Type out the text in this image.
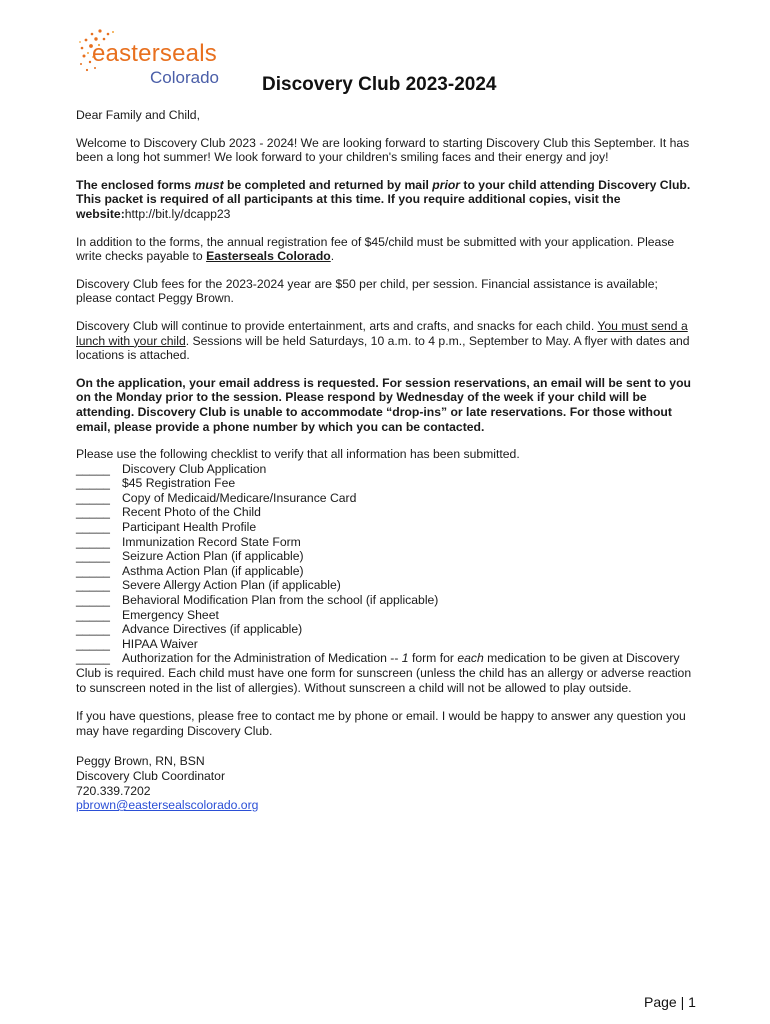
easterseals
Colorado Discovery Club 2023-2024

Dear Family and Child,

Welcome to Discovery Club 2023 - 2024! We are looking forward to starting Discovery Club this September. It has been a long hot summer! We look forward to your children's smiling faces and their energy and joy!

The enclosed forms must be completed and returned by mail prior to your child attending Discovery Club. This packet is required of all participants at this time. If you require additional copies, visit the website:http://bit.ly/dcapp23

In addition to the forms, the annual registration fee of $45/child must be submitted with your application. Please write checks payable to Easterseals Colorado.

Discovery Club fees for the 2023-2024 year are $50 per child, per session. Financial assistance is available; please contact Peggy Brown.

Discovery Club will continue to provide entertainment, arts and crafts, and snacks for each child. You must send a lunch with your child. Sessions will be held Saturdays, 10 a.m. to 4 p.m., September to May. A flyer with dates and locations is attached.

On the application, your email address is requested. For session reservations, an email will be sent to you on the Monday prior to the session. Please respond by Wednesday of the week if your child will be attending. Discovery Club is unable to accommodate “drop-ins” or late reservations. For those without email, please provide a phone number by which you can be contacted.

Please use the following checklist to verify that all information has been submitted.
_____ Discovery Club Application
_____ $45 Registration Fee
_____ Copy of Medicaid/Medicare/Insurance Card
_____ Recent Photo of the Child
_____ Participant Health Profile
_____ Immunization Record State Form
_____ Seizure Action Plan (if applicable)
_____ Asthma Action Plan (if applicable)
_____ Severe Allergy Action Plan (if applicable)
_____ Behavioral Modification Plan from the school (if applicable)
_____ Emergency Sheet
_____ Advance Directives (if applicable)
_____ HIPAA Waiver
_____ Authorization for the Administration of Medication -- 1 form for each medication to be given at Discovery Club is required. Each child must have one form for sunscreen (unless the child has an allergy or adverse reaction to sunscreen noted in the list of allergies). Without sunscreen a child will not be allowed to play outside.

If you have questions, please free to contact me by phone or email. I would be happy to answer any question you may have regarding Discovery Club.

Peggy Brown, RN, BSN
Discovery Club Coordinator
720.339.7202
pbrown@eastersealscolorado.org
Page | 1
